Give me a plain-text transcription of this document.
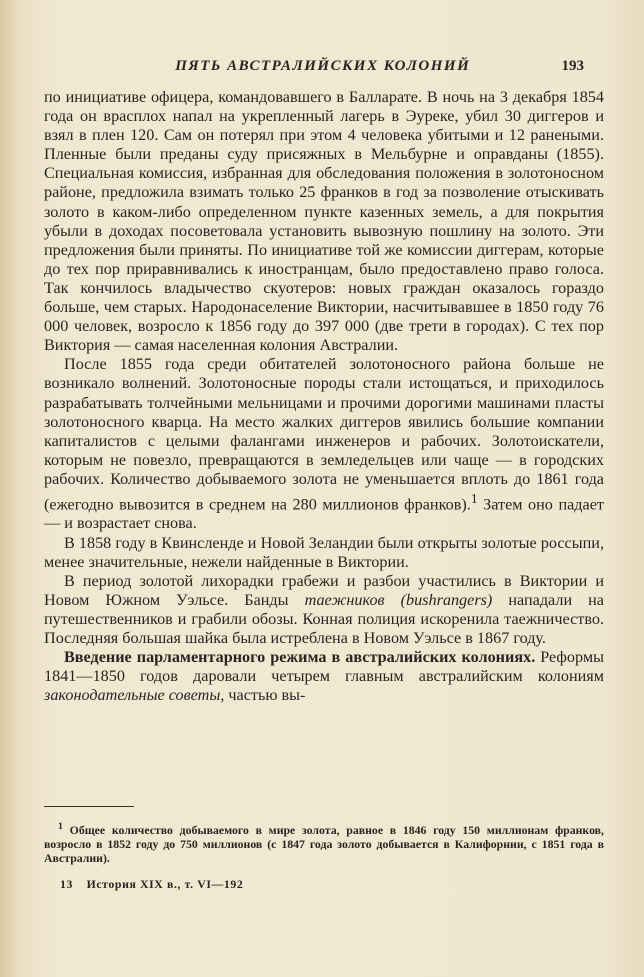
ПЯТЬ АВСТРАЛИЙСКИХ КОЛОНИЙ	193

по инициативе офицера, командовавшего в Балларате. В ночь на 3 декабря 1854 года он врасплох напал на укрепленный лагерь в Эуреке, убил 30 диггеров и взял в плен 120. Сам он потерял при этом 4 человека убитыми и 12 ранеными. Пленные были преданы суду присяжных в Мельбурне и оправданы (1855). Специальная комиссия, избранная для обследования положения в золотоносном районе, предложила взимать только 25 франков в год за позволение отыскивать золото в каком-либо определенном пункте казенных земель, а для покрытия убыли в доходах посоветовала установить вывозную пошлину на золото. Эти предложения были приняты. По инициативе той же комиссии диггерам, которые до тех пор приравнивались к иностранцам, было предоставлено право голоса. Так кончилось владычество скуотеров: новых граждан оказалось гораздо больше, чем старых. Народонаселение Виктории, насчитывавшее в 1850 году 76 000 человек, возросло к 1856 году до 397 000 (две трети в городах). С тех пор Виктория — самая населенная колония Австралии.

После 1855 года среди обитателей золотоносного района больше не возникало волнений. Золотоносные породы стали истощаться, и приходилось разрабатывать толчейными мельницами и прочими дорогими машинами пласты золотоносного кварца. На место жалких диггеров явились большие компании капиталистов с целыми фалангами инженеров и рабочих. Золотоискатели, которым не повезло, превращаются в земледельцев или чаще — в городских рабочих. Количество добываемого золота не уменьшается вплоть до 1861 года (ежегодно вывозится в среднем на 280 миллионов франков).$^1$ Затем оно падает — и возрастает снова.

В 1858 году в Квинсленде и Новой Зеландии были открыты золотые россыпи, менее значительные, нежели найденные в Виктории.

В период золотой лихорадки грабежи и разбои участились в Виктории и Новом Южном Уэльсе. Банды таежников (bushrangers) нападали на путешественников и грабили обозы. Конная полиция искоренила таежничество. Последняя большая шайка была истреблена в Новом Уэльсе в 1867 году.

Введение парламентарного режима в австралийских колониях. Реформы 1841—1850 годов даровали четырем главным австралийским колониям законодательные советы, частью вы-

$^1$ Общее количество добываемого в мире золота, равное в 1846 году 150 миллионам франков, возросло в 1852 году до 750 миллионов (с 1847 года золото добывается в Калифорнии, с 1851 года в Австралии).

13 История XIX в., т. VI—192
